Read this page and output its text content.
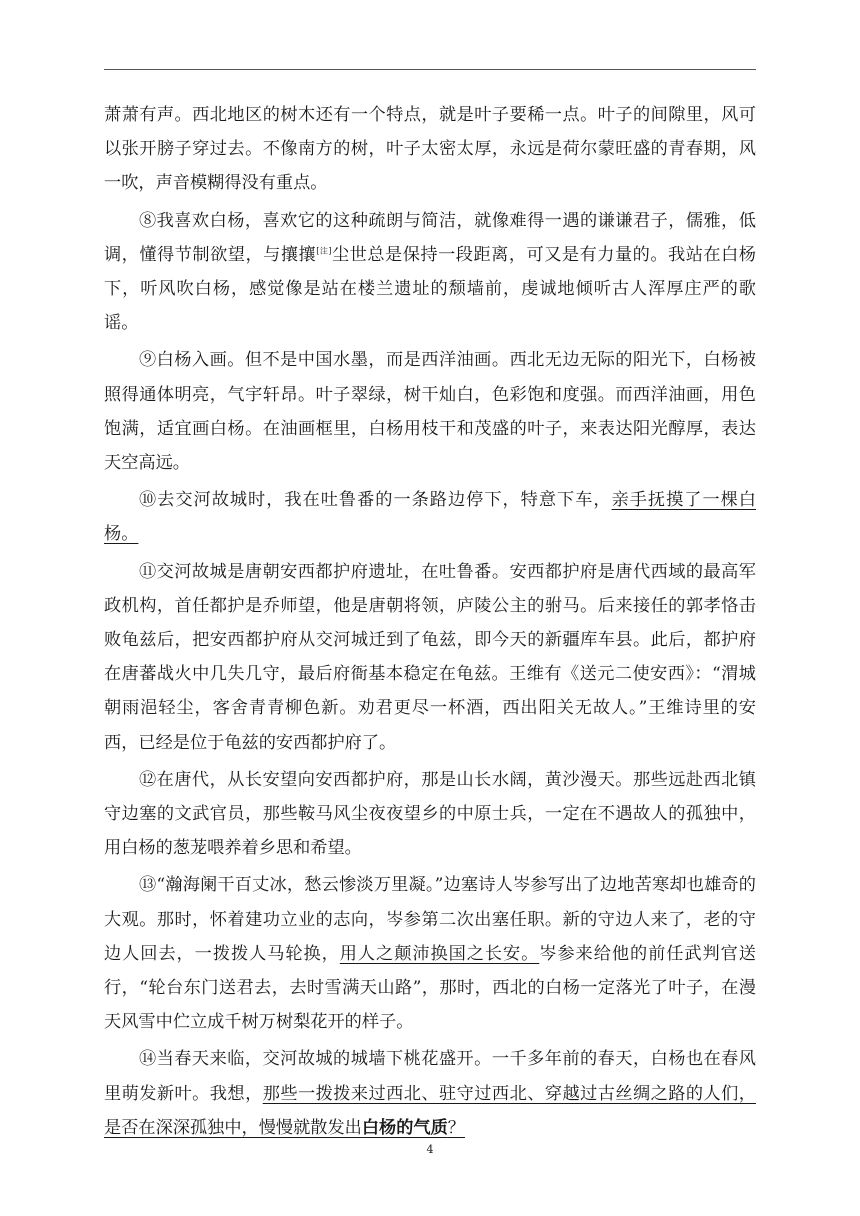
萧萧有声。西北地区的树木还有一个特点，就是叶子要稀一点。叶子的间隙里，风可以张开膀子穿过去。不像南方的树，叶子太密太厚，永远是荷尔蒙旺盛的青春期，风一吹，声音模糊得没有重点。

⑧我喜欢白杨，喜欢它的这种疏朗与简洁，就像难得一遇的谦谦君子，儒雅，低调，懂得节制欲望，与攘攘[注]尘世总是保持一段距离，可又是有力量的。我站在白杨下，听风吹白杨，感觉像是站在楼兰遗址的颓墙前，虔诚地倾听古人浑厚庄严的歌谣。

⑨白杨入画。但不是中国水墨，而是西洋油画。西北无边无际的阳光下，白杨被照得通体明亮，气宇轩昂。叶子翠绿，树干灿白，色彩饱和度强。而西洋油画，用色饱满，适宜画白杨。在油画框里，白杨用枝干和茂盛的叶子，来表达阳光醇厚，表达天空高远。

⑩去交河故城时，我在吐鲁番的一条路边停下，特意下车，亲手抚摸了一棵白杨。

⑪交河故城是唐朝安西都护府遗址，在吐鲁番。安西都护府是唐代西域的最高军政机构，首任都护是乔师望，他是唐朝将领，庐陵公主的驸马。后来接任的郭孝恪击败龟兹后，把安西都护府从交河城迁到了龟兹，即今天的新疆库车县。此后，都护府在唐蕃战火中几失几守，最后府衙基本稳定在龟兹。王维有《送元二使安西》：“渭城朝雨浥轻尘，客舍青青柳色新。劝君更尽一杯酒，西出阳关无故人。”王维诗里的安西，已经是位于龟兹的安西都护府了。

⑫在唐代，从长安望向安西都护府，那是山长水阔，黄沙漫天。那些远赴西北镇守边塞的文武官员，那些鞍马风尘夜夜望乡的中原士兵，一定在不遇故人的孤独中，用白杨的葱茏喂养着乡思和希望。

⑬“瀚海阑干百丈冰，愁云惨淡万里凝。”边塞诗人岑参写出了边地苦寒却也雄奇的大观。那时，怀着建功立业的志向，岑参第二次出塞任职。新的守边人来了，老的守边人回去，一拨拨人马轮换，用人之颠沛换国之长安。岑参来给他的前任武判官送行，“轮台东门送君去，去时雪满天山路”，那时，西北的白杨一定落光了叶子，在漫天风雪中伫立成千树万树梨花开的样子。

⑭当春天来临，交河故城的城墙下桃花盛开。一千多年前的春天，白杨也在春风里萌发新叶。我想，那些一拨拨来过西北、驻守过西北、穿越过古丝绸之路的人们，是否在深深孤独中，慢慢就散发出白杨的气质？

4
